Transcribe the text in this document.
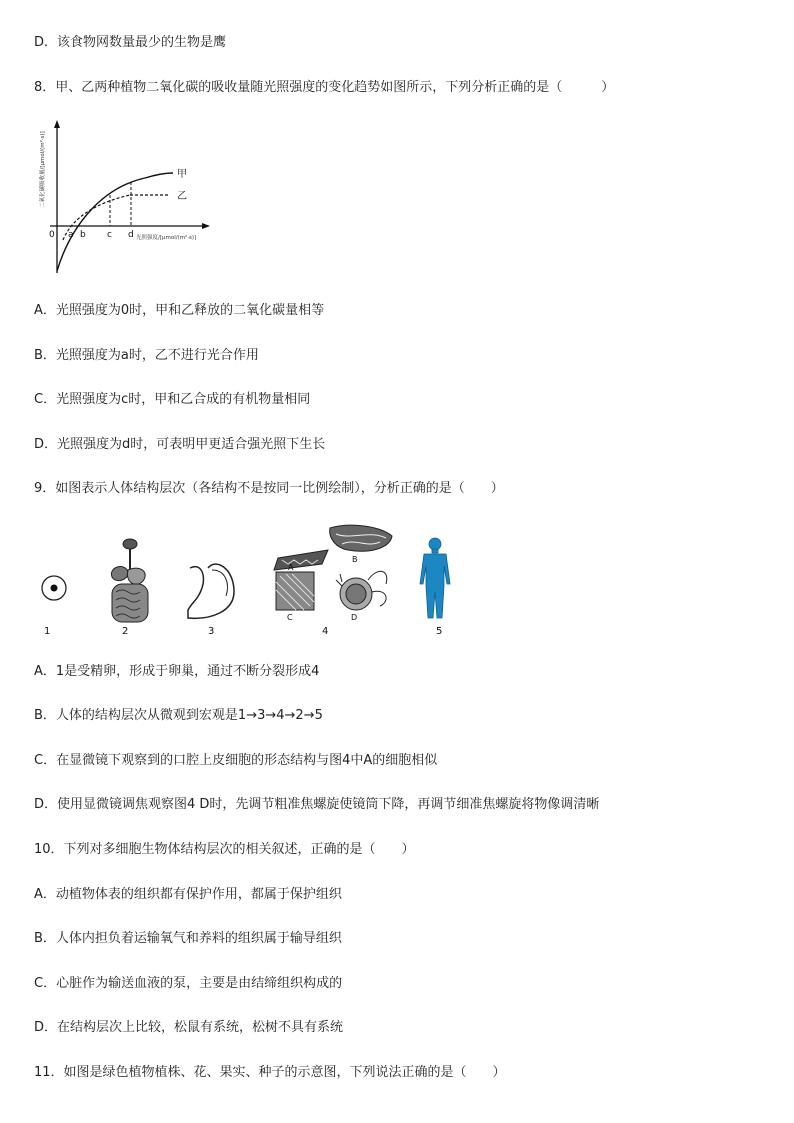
D．该食物网数量最少的生物是鹰
8．甲、乙两种植物二氧化碳的吸收量随光照强度的变化趋势如图所示，下列分析正确的是（　　　）
二氧化碳吸收量/[μmol/(m²·s)]
0 a b c d 光照强度/[μmol/(m²·s)]
甲
乙
A．光照强度为0时，甲和乙释放的二氧化碳量相等
B．光照强度为a时，乙不进行光合作用
C．光照强度为c时，甲和乙合成的有机物量相同
D．光照强度为d时，可表明甲更适合强光照下生长
9．如图表示人体结构层次（各结构不是按同一比例绘制），分析正确的是（　　）
A
B
C	D
1	2	3	4	5
A．1是受精卵，形成于卵巢，通过不断分裂形成4
B．人体的结构层次从微观到宏观是1→3→4→2→5
C．在显微镜下观察到的口腔上皮细胞的形态结构与图4中A的细胞相似
D．使用显微镜调焦观察图4 D时，先调节粗准焦螺旋使镜筒下降，再调节细准焦螺旋将物像调清晰
10．下列对多细胞生物体结构层次的相关叙述，正确的是（　　）
A．动植物体表的组织都有保护作用，都属于保护组织
B．人体内担负着运输氧气和养料的组织属于输导组织
C．心脏作为输送血液的泵，主要是由结缔组织构成的
D．在结构层次上比较，松鼠有系统，松树不具有系统
11．如图是绿色植物植株、花、果实、种子的示意图，下列说法正确的是（　　）
